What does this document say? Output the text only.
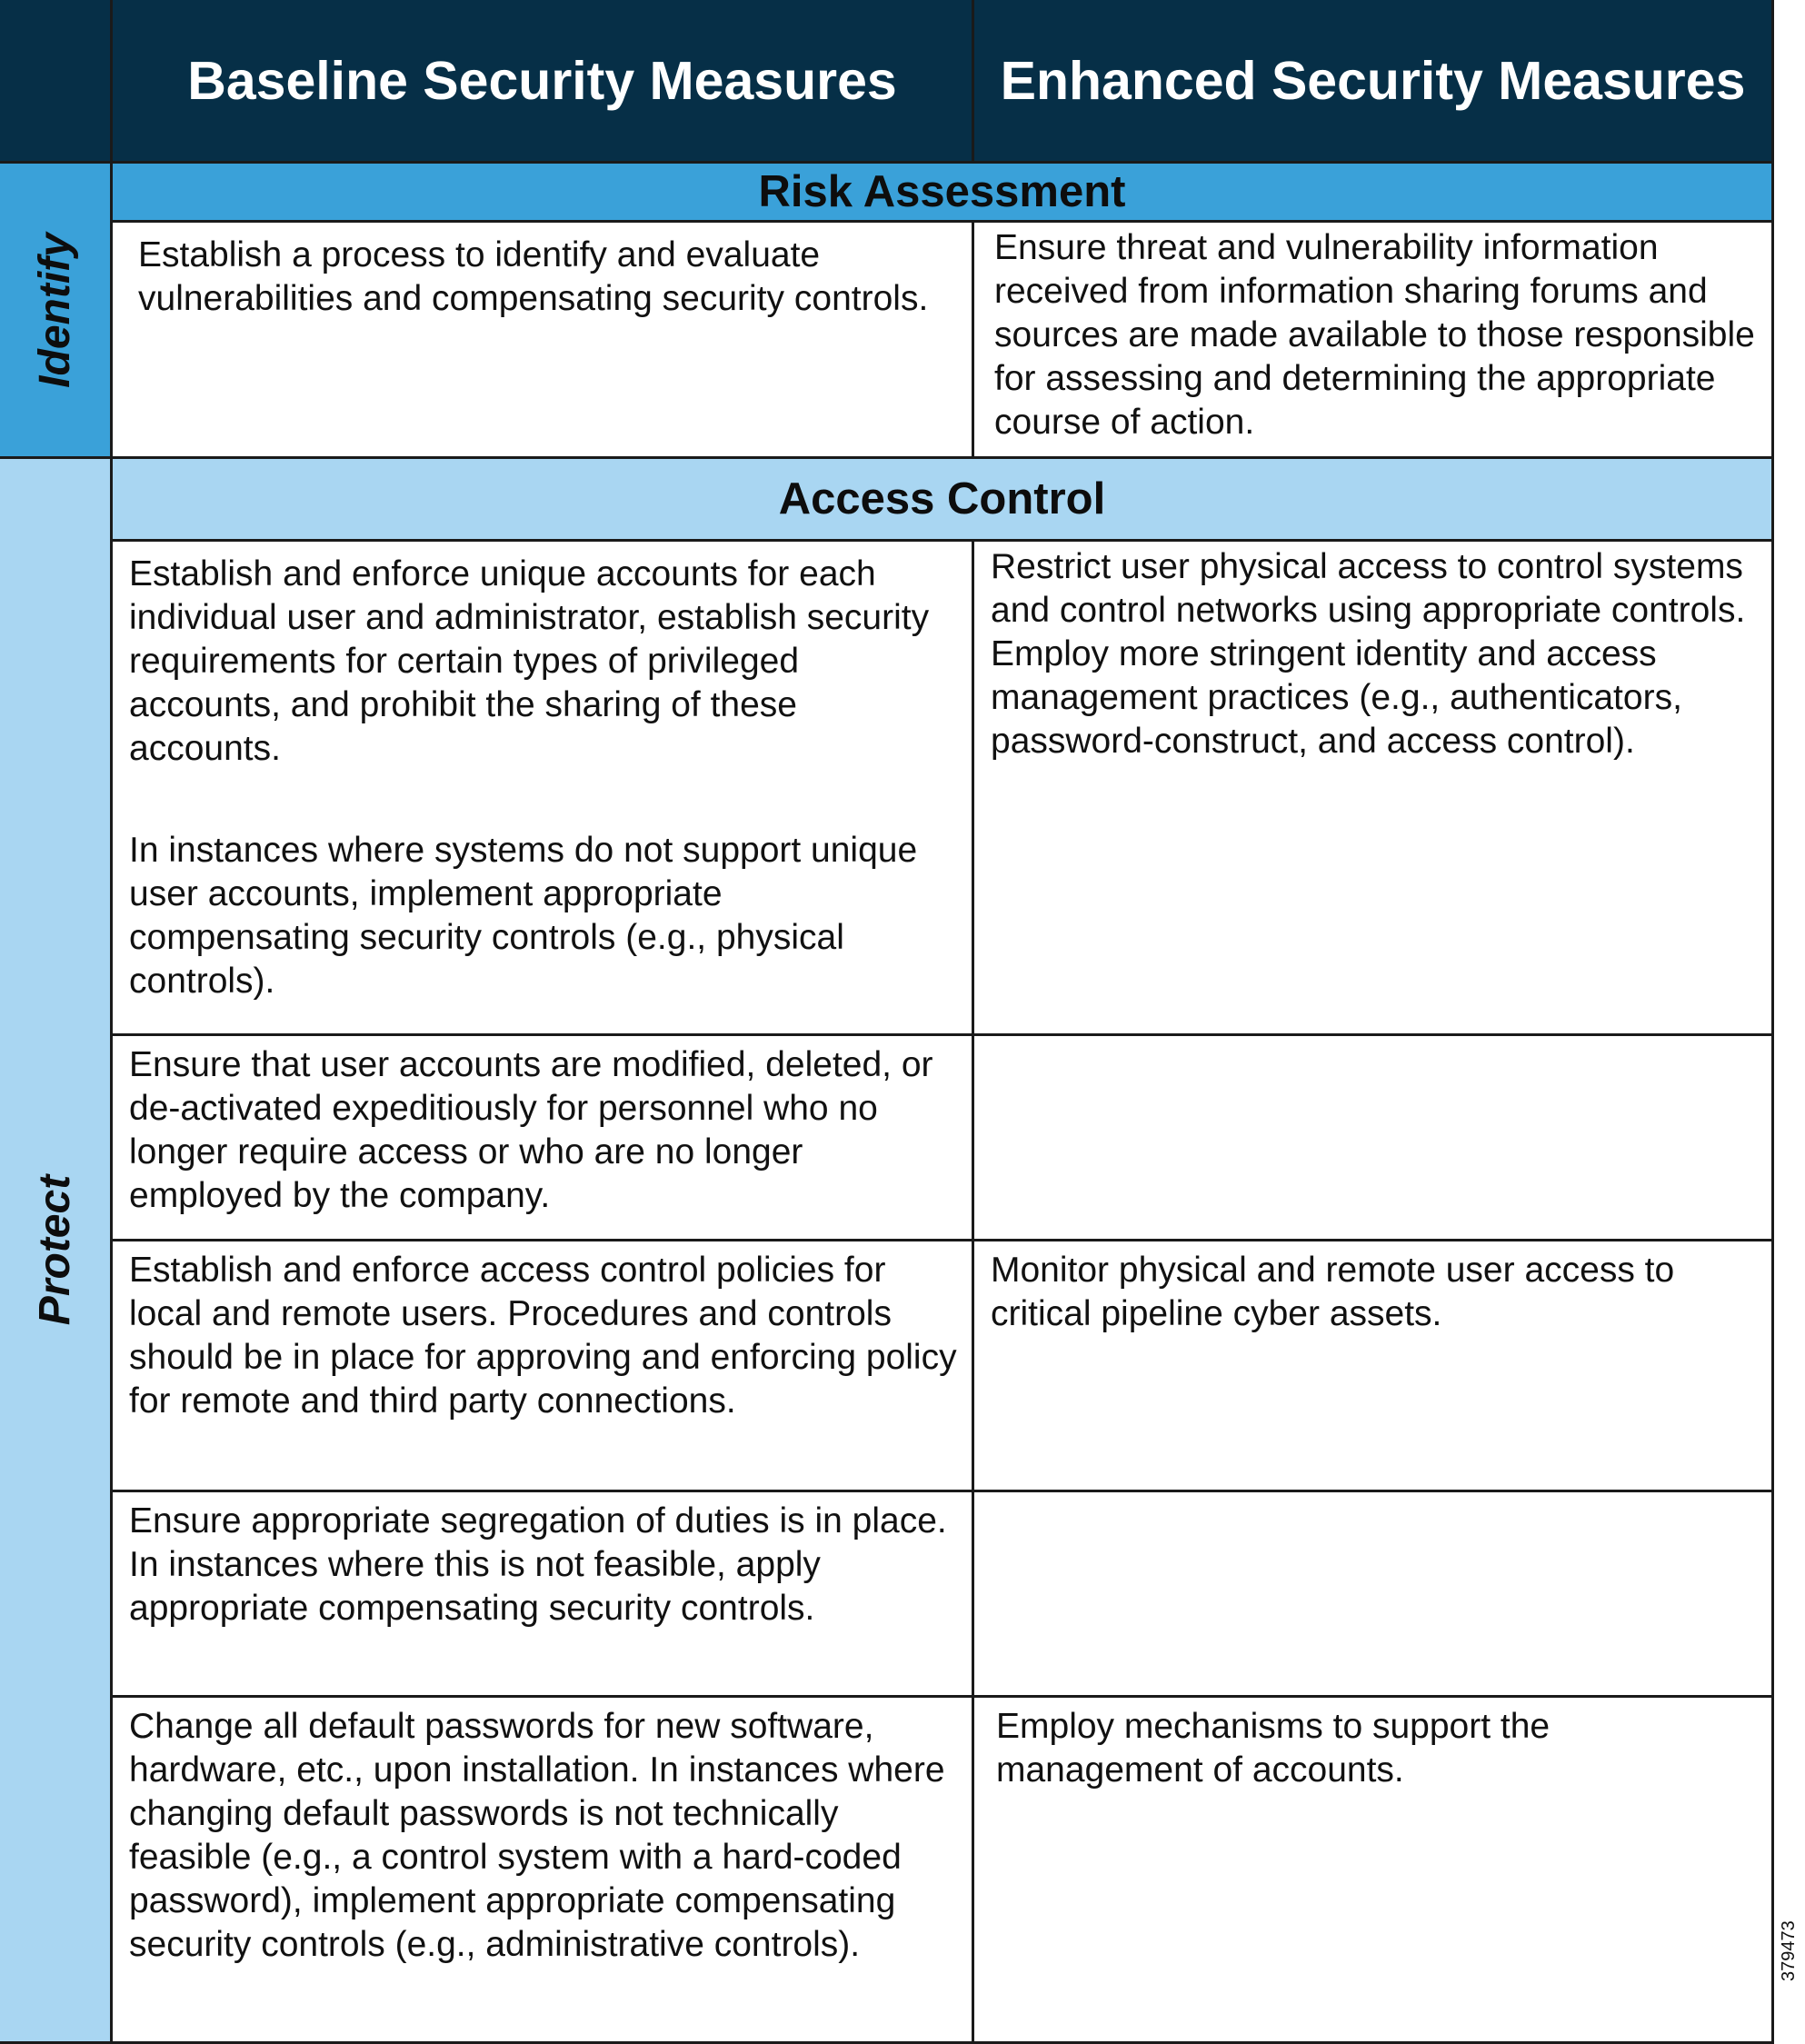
Baseline Security Measures	Enhanced Security Measures
Identify
Protect
Risk Assessment

Establish a process to identify and evaluate vulnerabilities and compensating security controls.

Ensure threat and vulnerability information received from information sharing forums and sources are made available to those responsible for assessing and determining the appropriate course of action.

Access Control

Establish and enforce unique accounts for each individual user and administrator, establish security requirements for certain types of privileged accounts, and prohibit the sharing of these accounts.

In instances where systems do not support unique user accounts, implement appropriate compensating security controls (e.g., physical controls).

Restrict user physical access to control systems and control networks using appropriate controls. Employ more stringent identity and access management practices (e.g., authenticators, password-construct, and access control).

Ensure that user accounts are modified, deleted, or de-activated expeditiously for personnel who no longer require access or who are no longer employed by the company.

Establish and enforce access control policies for local and remote users. Procedures and controls should be in place for approving and enforcing policy for remote and third party connections.

Monitor physical and remote user access to critical pipeline cyber assets.

Ensure appropriate segregation of duties is in place. In instances where this is not feasible, apply appropriate compensating security controls.

Change all default passwords for new software, hardware, etc., upon installation. In instances where changing default passwords is not technically feasible (e.g., a control system with a hard-coded password), implement appropriate compensating security controls (e.g., administrative controls).

Employ mechanisms to support the management of accounts.

379473
